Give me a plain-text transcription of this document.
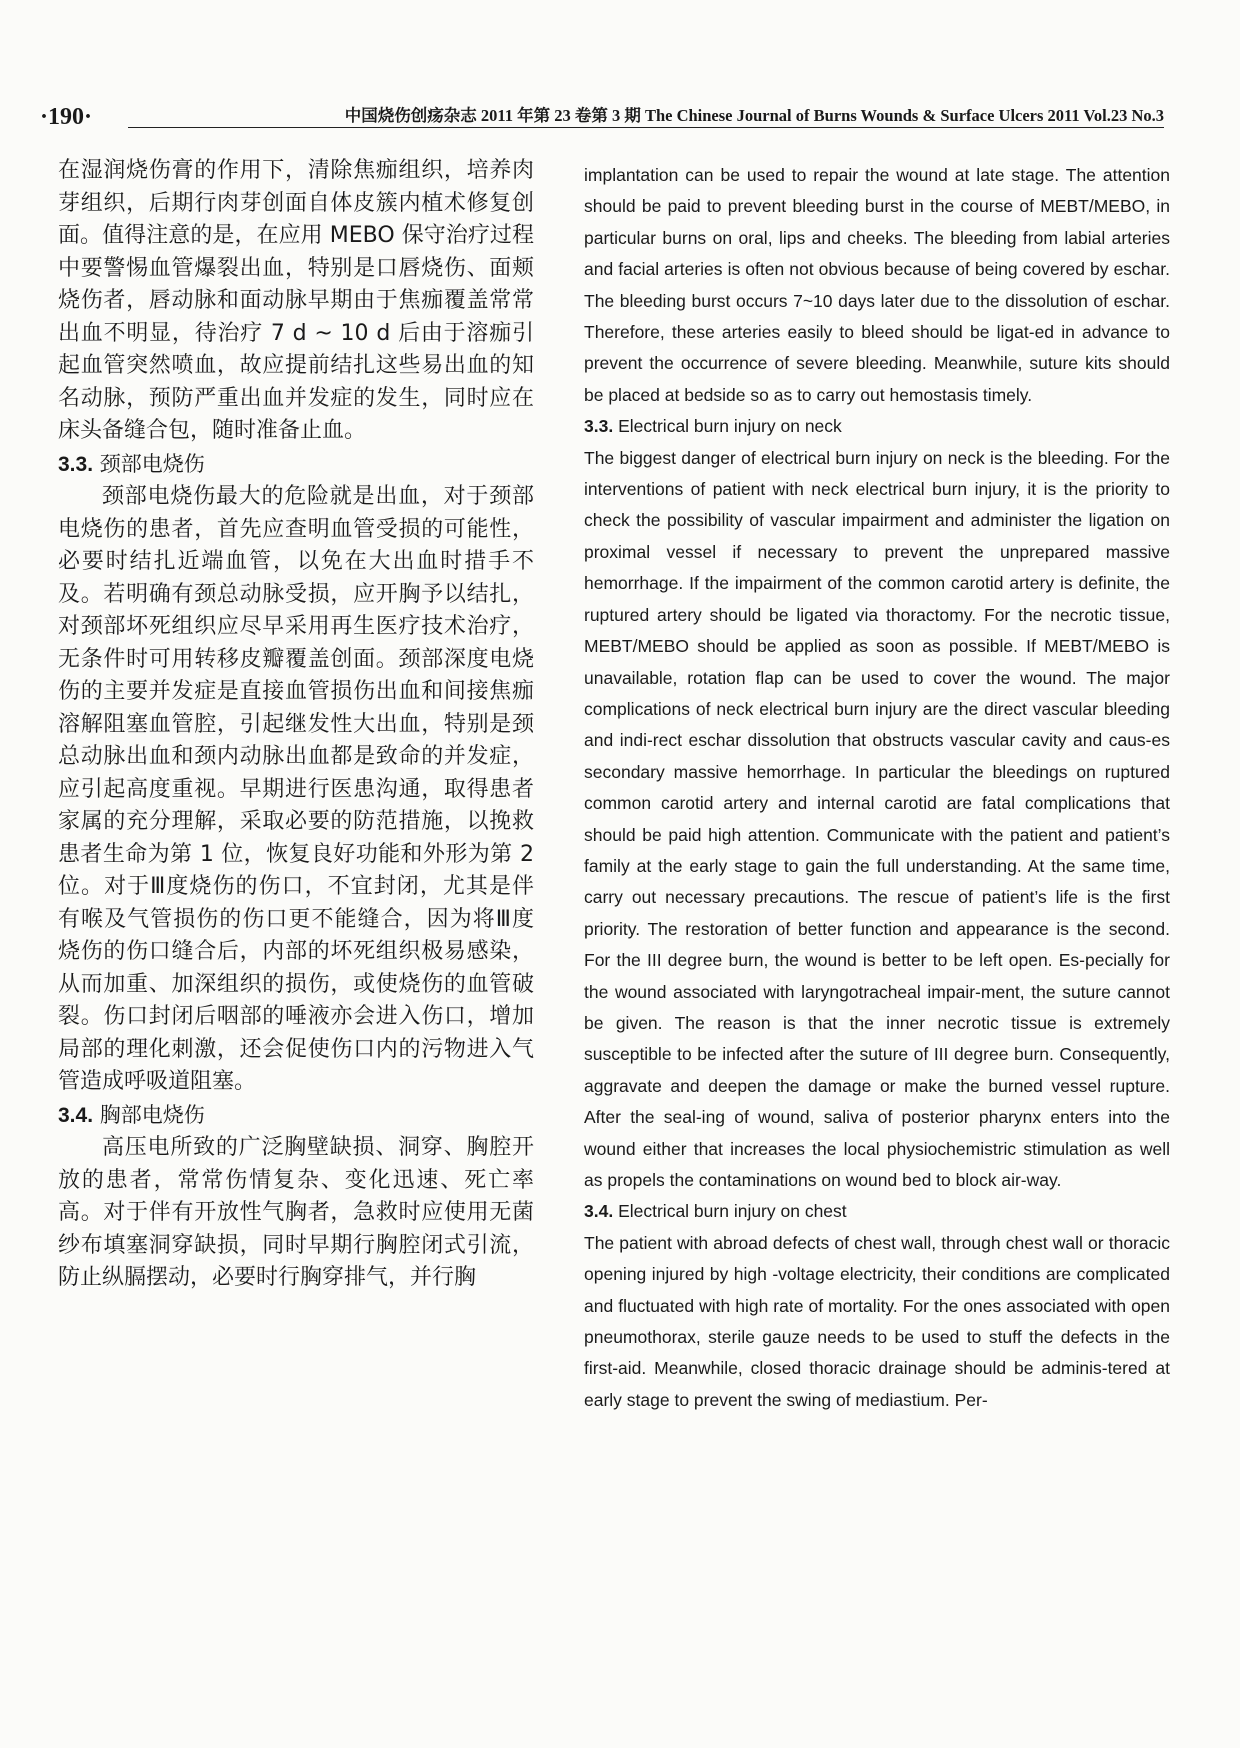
·190·	中国烧伤创疡杂志 2011 年第 23 卷第 3 期 The Chinese Journal of Burns Wounds & Surface Ulcers 2011 Vol.23 No.3

在湿润烧伤膏的作用下，清除焦痂组织，培养肉芽组织，后期行肉芽创面自体皮簇内植术修复创面。值得注意的是，在应用 MEBO 保守治疗过程中要警惕血管爆裂出血，特别是口唇烧伤、面颊烧伤者，唇动脉和面动脉早期由于焦痂覆盖常常出血不明显，待治疗 7 d ~ 10 d 后由于溶痂引起血管突然喷血，故应提前结扎这些易出血的知名动脉，预防严重出血并发症的发生，同时应在床头备缝合包，随时准备止血。

3.3. 颈部电烧伤

颈部电烧伤最大的危险就是出血，对于颈部电烧伤的患者，首先应查明血管受损的可能性，必要时结扎近端血管，以免在大出血时措手不及。若明确有颈总动脉受损，应开胸予以结扎，对颈部坏死组织应尽早采用再生医疗技术治疗，无条件时可用转移皮瓣覆盖创面。颈部深度电烧伤的主要并发症是直接血管损伤出血和间接焦痂溶解阻塞血管腔，引起继发性大出血，特别是颈总动脉出血和颈内动脉出血都是致命的并发症，应引起高度重视。早期进行医患沟通，取得患者家属的充分理解，采取必要的防范措施，以挽救患者生命为第 1 位，恢复良好功能和外形为第 2 位。对于Ⅲ度烧伤的伤口，不宜封闭，尤其是伴有喉及气管损伤的伤口更不能缝合，因为将Ⅲ度烧伤的伤口缝合后，内部的坏死组织极易感染，从而加重、加深组织的损伤，或使烧伤的血管破裂。伤口封闭后咽部的唾液亦会进入伤口，增加局部的理化刺激，还会促使伤口内的污物进入气管造成呼吸道阻塞。

3.4. 胸部电烧伤

高压电所致的广泛胸壁缺损、洞穿、胸腔开放的患者，常常伤情复杂、变化迅速、死亡率高。对于伴有开放性气胸者，急救时应使用无菌纱布填塞洞穿缺损，同时早期行胸腔闭式引流，防止纵膈摆动，必要时行胸穿排气，并行胸

implantation can be used to repair the wound at late stage. The attention should be paid to prevent bleeding burst in the course of MEBT/MEBO, in particular burns on oral, lips and cheeks. The bleeding from labial arteries and facial arteries is often not obvious because of being covered by eschar. The bleeding burst occurs 7~10 days later due to the dissolution of eschar. Therefore, these arteries easily to bleed should be ligat-ed in advance to prevent the occurrence of severe bleeding. Meanwhile, suture kits should be placed at bedside so as to carry out hemostasis timely.

3.3. Electrical burn injury on neck

The biggest danger of electrical burn injury on neck is the bleeding. For the interventions of patient with neck electrical burn injury, it is the priority to check the possibility of vascular impairment and administer the ligation on proximal vessel if necessary to prevent the unprepared massive hemorrhage. If the impairment of the common carotid artery is definite, the ruptured artery should be ligated via thoractomy. For the necrotic tissue, MEBT/MEBO should be applied as soon as possible. If MEBT/MEBO is unavailable, rotation flap can be used to cover the wound. The major complications of neck electrical burn injury are the direct vascular bleeding and indi-rect eschar dissolution that obstructs vascular cavity and caus-es secondary massive hemorrhage. In particular the bleedings on ruptured common carotid artery and internal carotid are fatal complications that should be paid high attention. Communicate with the patient and patient’s family at the early stage to gain the full understanding. At the same time, carry out necessary precautions. The rescue of patient’s life is the first priority. The restoration of better function and appearance is the second. For the III degree burn, the wound is better to be left open. Es-pecially for the wound associated with laryngotracheal impair-ment, the suture cannot be given. The reason is that the inner necrotic tissue is extremely susceptible to be infected after the suture of III degree burn. Consequently, aggravate and deepen the damage or make the burned vessel rupture. After the seal-ing of wound, saliva of posterior pharynx enters into the wound either that increases the local physiochemistric stimulation as well as propels the contaminations on wound bed to block air-way.

3.4. Electrical burn injury on chest

The patient with abroad defects of chest wall, through chest wall or thoracic opening injured by high -voltage electricity, their conditions are complicated and fluctuated with high rate of mortality. For the ones associated with open pneumothorax, sterile gauze needs to be used to stuff the defects in the first-aid. Meanwhile, closed thoracic drainage should be adminis-tered at early stage to prevent the swing of mediastium. Per-
